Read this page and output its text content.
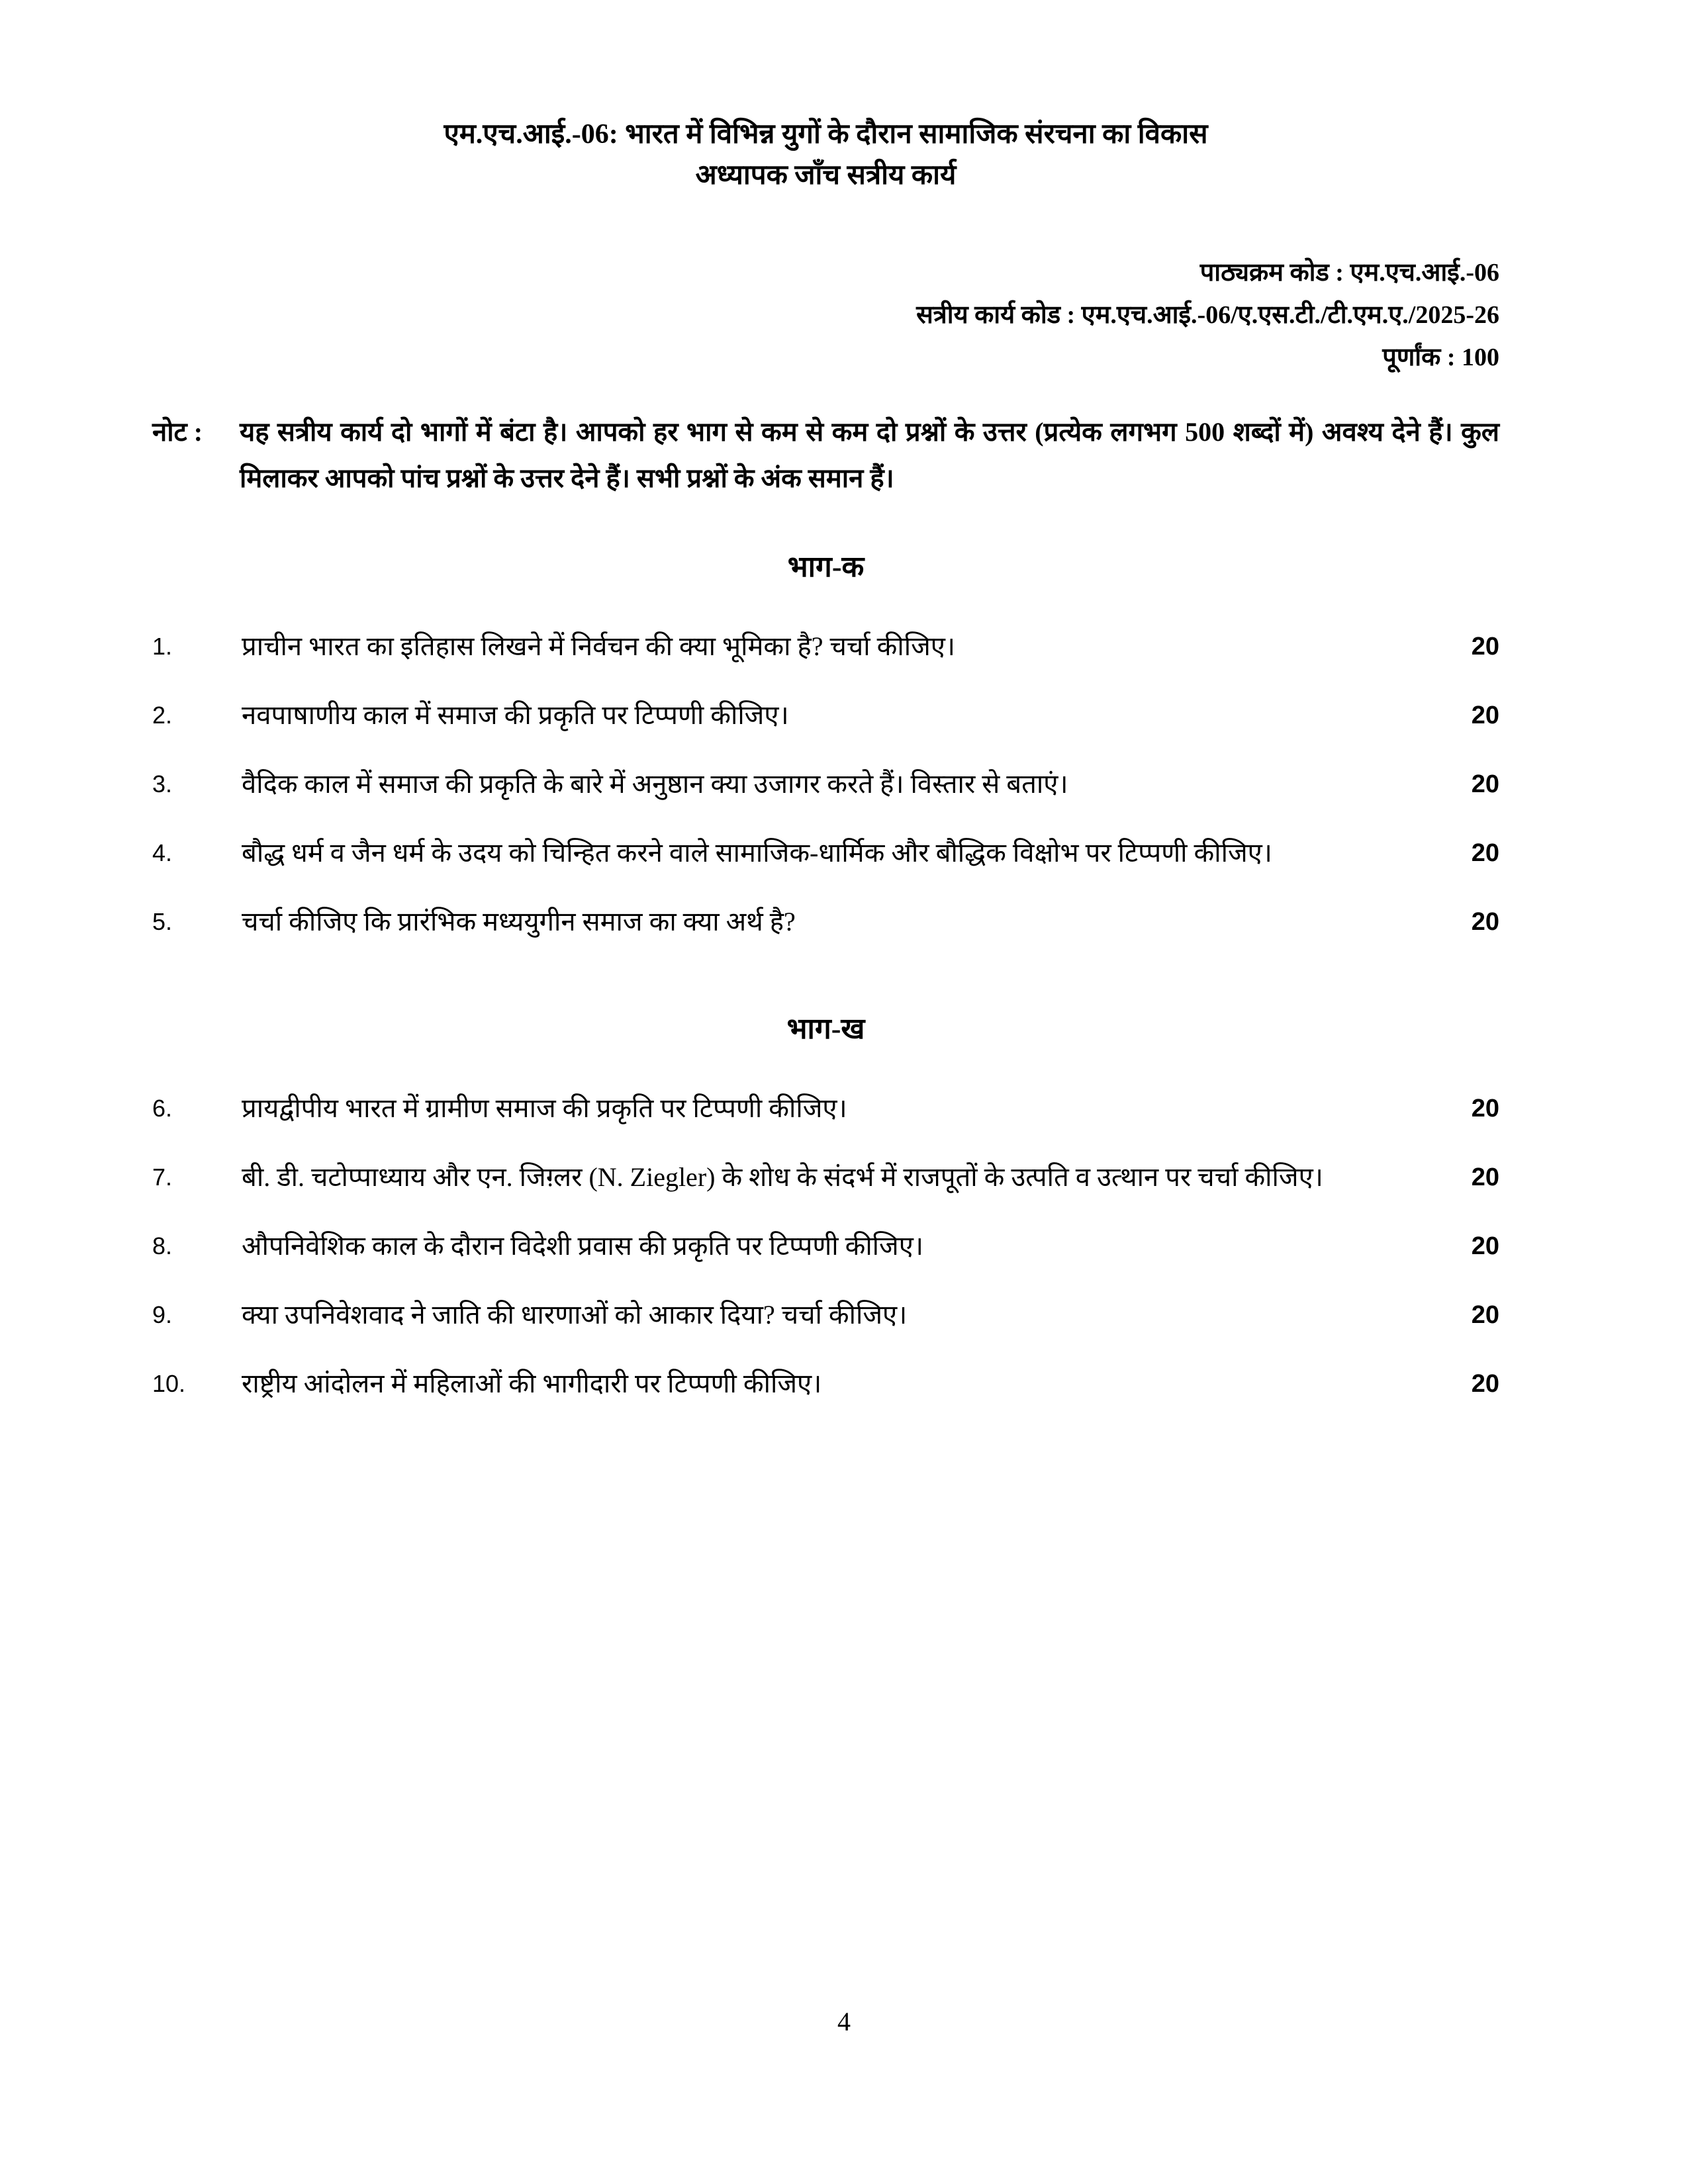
एम.एच.आई.-06: भारत में विभिन्न युगों के दौरान सामाजिक संरचना का विकास
अध्यापक जाँच सत्रीय कार्य
पाठ्यक्रम कोड : एम.एच.आई.-06
सत्रीय कार्य कोड : एम.एच.आई.-06/ए.एस.टी./टी.एम.ए./2025-26
पूर्णांक : 100
नोट :	यह सत्रीय कार्य दो भागों में बंटा है। आपको हर भाग से कम से कम दो प्रश्नों के उत्तर (प्रत्येक लगभग 500 शब्दों में) अवश्य देने हैं। कुल मिलाकर आपको पांच प्रश्नों के उत्तर देने हैं। सभी प्रश्नों के अंक समान हैं।
भाग-क
1.	प्राचीन भारत का इतिहास लिखने में निर्वचन की क्या भूमिका है? चर्चा कीजिए।	20
2.	नवपाषाणीय काल में समाज की प्रकृति पर टिप्पणी कीजिए।	20
3.	वैदिक काल में समाज की प्रकृति के बारे में अनुष्ठान क्या उजागर करते हैं। विस्तार से बताएं।	20
4.	बौद्ध धर्म व जैन धर्म के उदय को चिन्हित करने वाले सामाजिक-धार्मिक और बौद्धिक विक्षोभ पर टिप्पणी कीजिए।	20
5.	चर्चा कीजिए कि प्रारंभिक मध्ययुगीन समाज का क्या अर्थ है?	20
भाग-ख
6.	प्रायद्वीपीय भारत में ग्रामीण समाज की प्रकृति पर टिप्पणी कीजिए।	20
7.	बी. डी. चटोप्पाध्याय और एन. जिग़्लर (N. Ziegler) के शोध के संदर्भ में राजपूतों के उत्पति व उत्थान पर चर्चा कीजिए।	20
8.	औपनिवेशिक काल के दौरान विदेशी प्रवास की प्रकृति पर टिप्पणी कीजिए।	20
9.	क्या उपनिवेशवाद ने जाति की धारणाओं को आकार दिया? चर्चा कीजिए।	20
10.	राष्ट्रीय आंदोलन में महिलाओं की भागीदारी पर टिप्पणी कीजिए।	20
4
